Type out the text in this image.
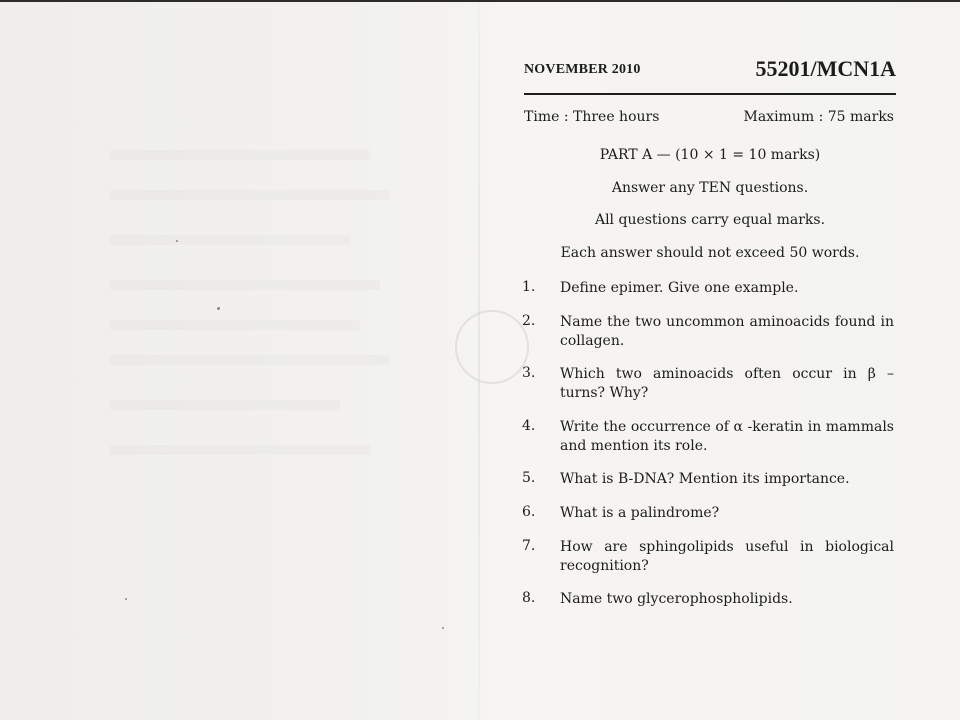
NOVEMBER 2010	55201/MCN1A
Time : Three hours	Maximum : 75 marks
PART A — (10 × 1 = 10 marks)
Answer any TEN questions.
All questions carry equal marks.
Each answer should not exceed 50 words.
1. Define epimer. Give one example.
2. Name the two uncommon aminoacids found in collagen.
3. Which two aminoacids often occur in β – turns? Why?
4. Write the occurrence of α -keratin in mammals and mention its role.
5. What is B-DNA? Mention its importance.
6. What is a palindrome?
7. How are sphingolipids useful in biological recognition?
8. Name two glycerophospholipids.
